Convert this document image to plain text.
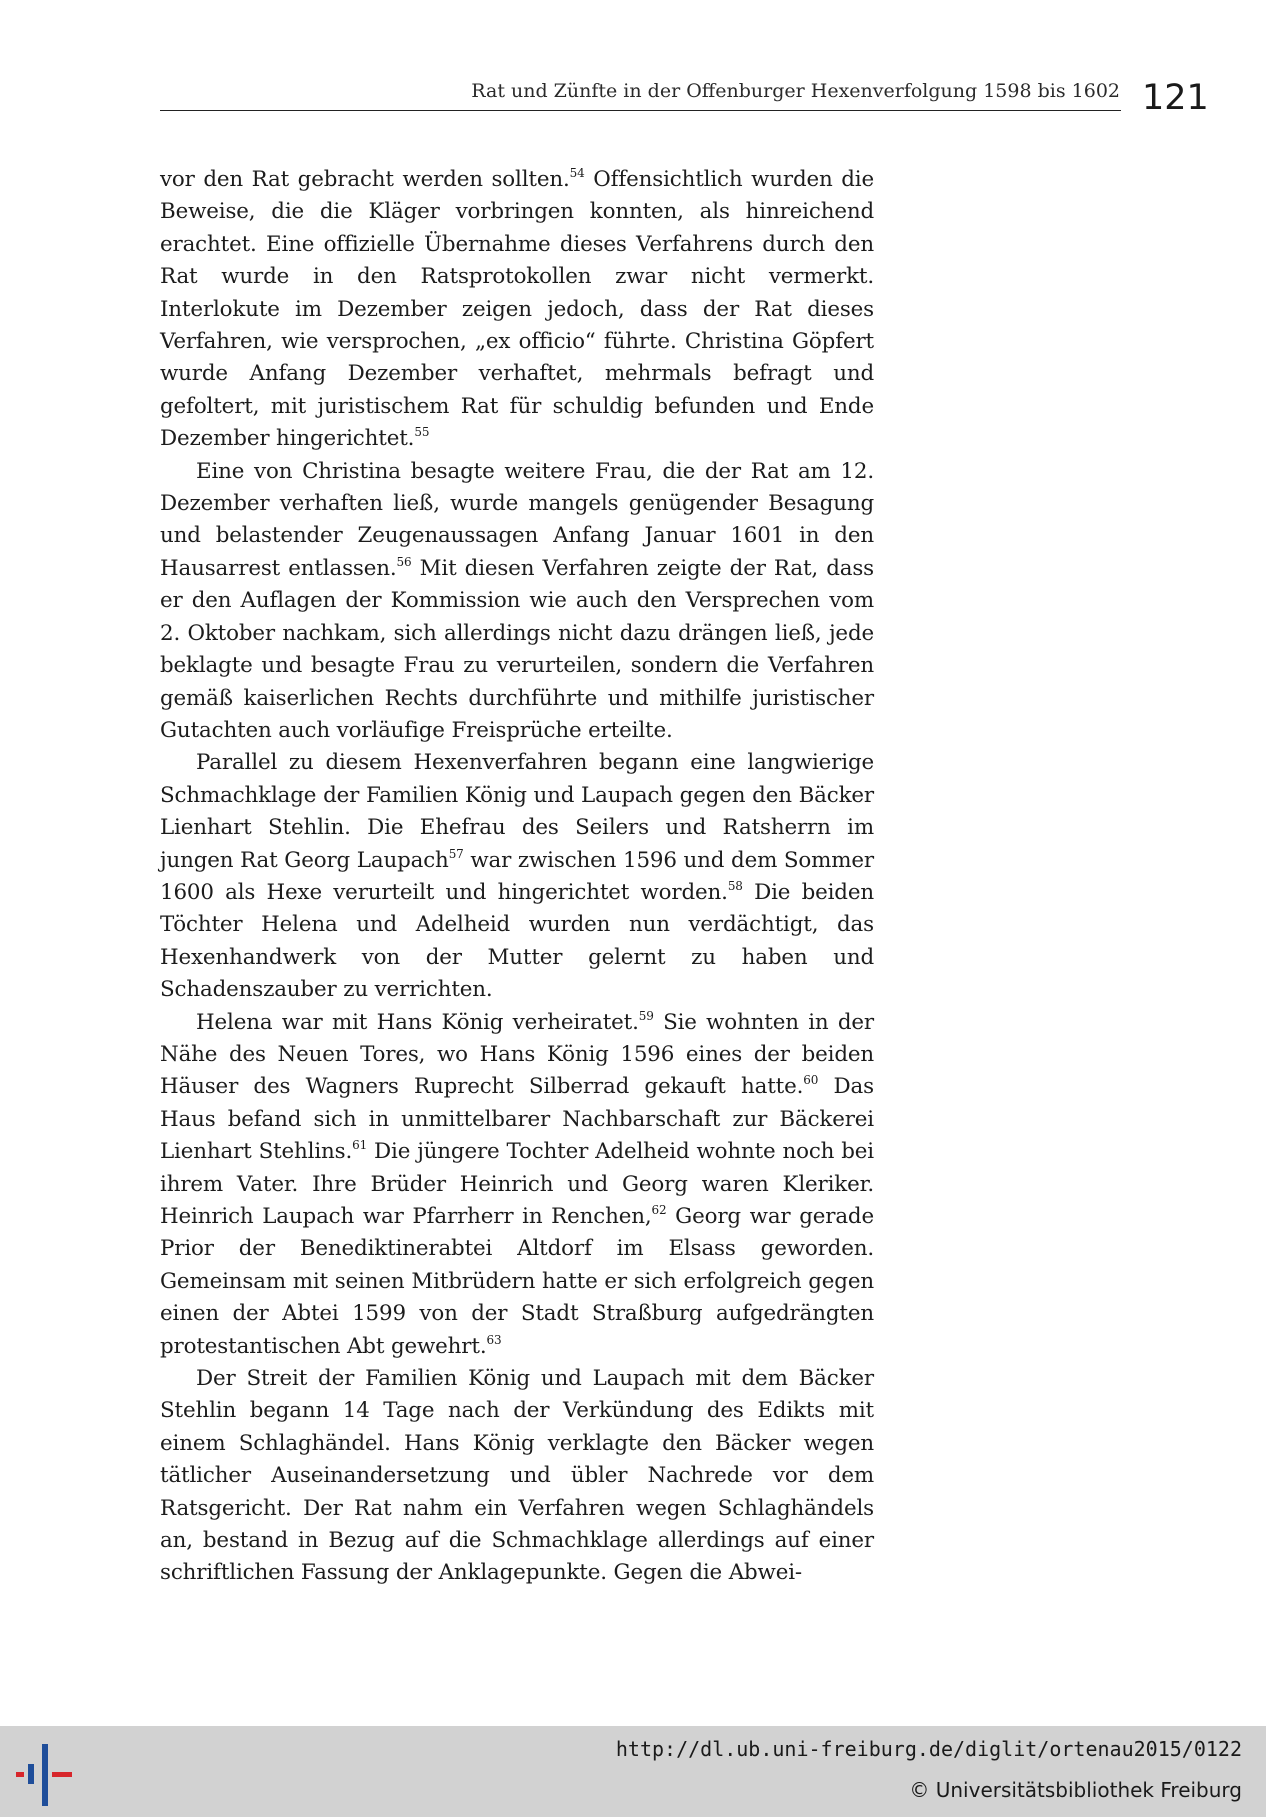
Rat und Zünfte in der Offenburger Hexenverfolgung 1598 bis 1602 121

vor den Rat gebracht werden sollten.$^{54}$ Offensichtlich wurden die Beweise, die die Kläger vorbringen konnten, als hinreichend erachtet. Eine offizielle Übernahme dieses Verfahrens durch den Rat wurde in den Ratsprotokollen zwar nicht vermerkt. Interlokute im Dezember zeigen jedoch, dass der Rat dieses Verfahren, wie versprochen, „ex officio“ führte. Christina Göpfert wurde Anfang Dezember verhaftet, mehrmals befragt und gefoltert, mit juristischem Rat für schuldig befunden und Ende Dezember hingerichtet.$^{55}$

Eine von Christina besagte weitere Frau, die der Rat am 12. Dezember verhaften ließ, wurde mangels genügender Besagung und belastender Zeugenaussagen Anfang Januar 1601 in den Hausarrest entlassen.$^{56}$ Mit diesen Verfahren zeigte der Rat, dass er den Auflagen der Kommission wie auch den Versprechen vom 2. Oktober nachkam, sich allerdings nicht dazu drängen ließ, jede beklagte und besagte Frau zu verurteilen, sondern die Verfahren gemäß kaiserlichen Rechts durchführte und mithilfe juristischer Gutachten auch vorläufige Freisprüche erteilte.

Parallel zu diesem Hexenverfahren begann eine langwierige Schmachklage der Familien König und Laupach gegen den Bäcker Lienhart Stehlin. Die Ehefrau des Seilers und Ratsherrn im jungen Rat Georg Laupach$^{57}$ war zwischen 1596 und dem Sommer 1600 als Hexe verurteilt und hingerichtet worden.$^{58}$ Die beiden Töchter Helena und Adelheid wurden nun verdächtigt, das Hexenhandwerk von der Mutter gelernt zu haben und Schadenszauber zu verrichten.

Helena war mit Hans König verheiratet.$^{59}$ Sie wohnten in der Nähe des Neuen Tores, wo Hans König 1596 eines der beiden Häuser des Wagners Ruprecht Silberrad gekauft hatte.$^{60}$ Das Haus befand sich in unmittelbarer Nachbarschaft zur Bäckerei Lienhart Stehlins.$^{61}$ Die jüngere Tochter Adelheid wohnte noch bei ihrem Vater. Ihre Brüder Heinrich und Georg waren Kleriker. Heinrich Laupach war Pfarrherr in Renchen,$^{62}$ Georg war gerade Prior der Benediktinerabtei Altdorf im Elsass geworden. Gemeinsam mit seinen Mitbrüdern hatte er sich erfolgreich gegen einen der Abtei 1599 von der Stadt Straßburg aufgedrängten protestantischen Abt gewehrt.$^{63}$

Der Streit der Familien König und Laupach mit dem Bäcker Stehlin begann 14 Tage nach der Verkündung des Edikts mit einem Schlaghändel. Hans König verklagte den Bäcker wegen tätlicher Auseinandersetzung und übler Nachrede vor dem Ratsgericht. Der Rat nahm ein Verfahren wegen Schlaghändels an, bestand in Bezug auf die Schmachklage allerdings auf einer schriftlichen Fassung der Anklagepunkte. Gegen die Abwei-

http://dl.ub.uni-freiburg.de/diglit/ortenau2015/0122
© Universitätsbibliothek Freiburg
